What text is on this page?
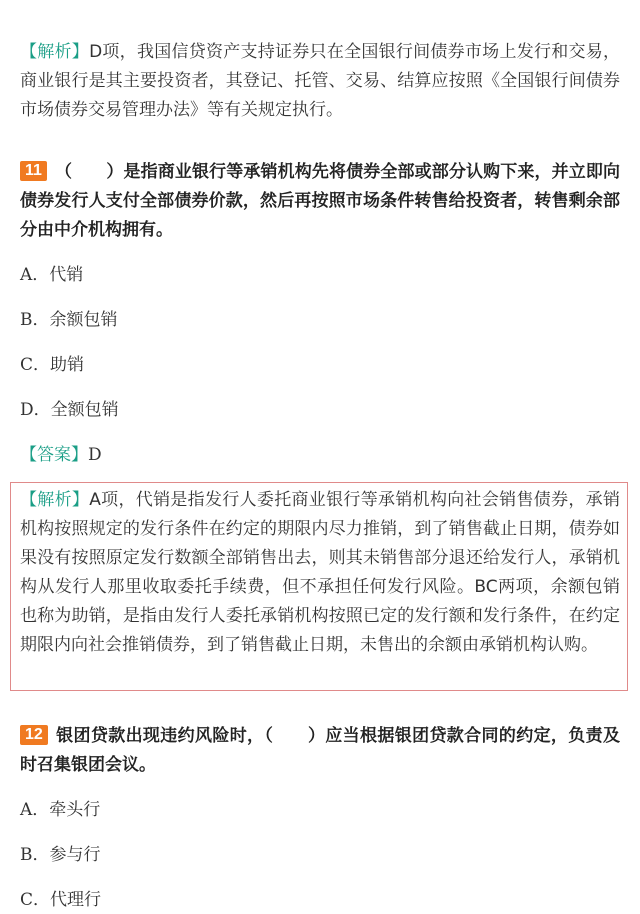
【解析】D项，我国信贷资产支持证券只在全国银行间债券市场上发行和交易，商业银行是其主要投资者，其登记、托管、交易、结算应按照《全国银行间债券市场债券交易管理办法》等有关规定执行。

11 （　　）是指商业银行等承销机构先将债券全部或部分认购下来，并立即向债券发行人支付全部债券价款，然后再按照市场条件转售给投资者，转售剩余部分由中介机构拥有。

A．代销

B．余额包销

C．助销

D．全额包销

【答案】D

【解析】A项，代销是指发行人委托商业银行等承销机构向社会销售债券，承销机构按照规定的发行条件在约定的期限内尽力推销，到了销售截止日期，债券如果没有按照原定发行数额全部销售出去，则其未销售部分退还给发行人，承销机构从发行人那里收取委托手续费，但不承担任何发行风险。BC两项，余额包销也称为助销，是指由发行人委托承销机构按照已定的发行额和发行条件，在约定期限内向社会推销债券，到了销售截止日期，未售出的余额由承销机构认购。

12 银团贷款出现违约风险时，（　　）应当根据银团贷款合同的约定，负责及时召集银团会议。

A．牵头行

B．参与行

C．代理行
